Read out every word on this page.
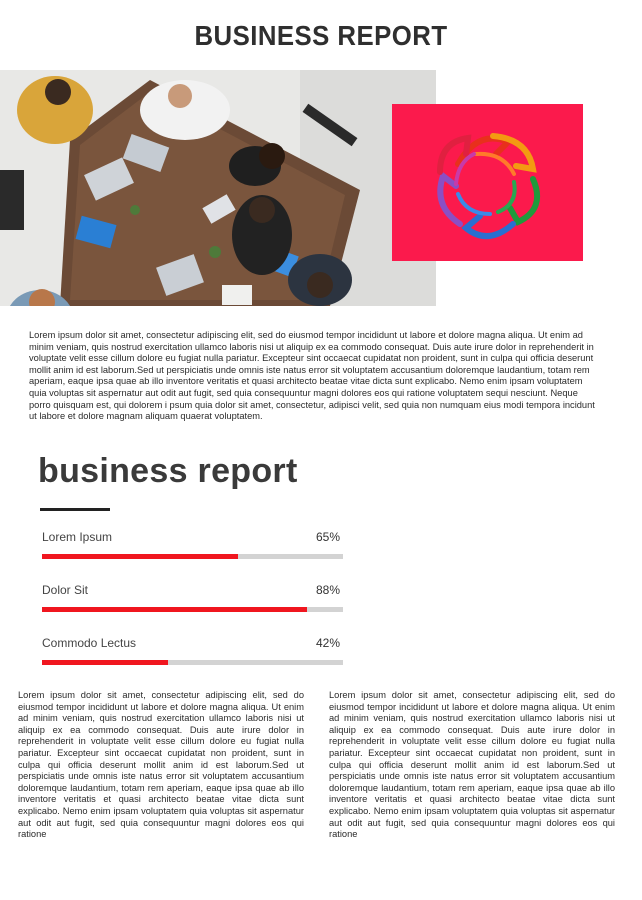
BUSINESS REPORT
Lorem ipsum dolor sit amet, consectetur adipiscing elit, sed do eiusmod tempor incididunt ut labore et dolore magna aliqua. Ut enim ad minim veniam, quis nostrud exercitation ullamco laboris nisi ut aliquip ex ea commodo consequat. Duis aute irure dolor in reprehenderit in voluptate velit esse cillum dolore eu fugiat nulla pariatur. Excepteur sint occaecat cupidatat non proident, sunt in culpa qui officia deserunt mollit anim id est laborum.Sed ut perspiciatis unde omnis iste natus error sit voluptatem accusantium doloremque laudantium, totam rem aperiam, eaque ipsa quae ab illo inventore veritatis et quasi architecto beatae vitae dicta sunt explicabo. Nemo enim ipsam voluptatem quia voluptas sit aspernatur aut odit aut fugit, sed quia consequuntur magni dolores eos qui ratione voluptatem sequi nesciunt. Neque porro quisquam est, qui dolorem i psum quia dolor sit amet, consectetur, adipisci velit, sed quia non numquam eius modi tempora incidunt ut labore et dolore magnam aliquam quaerat voluptatem.
business report
Lorem Ipsum	65%
Dolor Sit	88%
Commodo Lectus	42%
Lorem ipsum dolor sit amet, consectetur adipiscing elit, sed do eiusmod tempor incididunt ut labore et dolore magna aliqua. Ut enim ad minim veniam, quis nostrud exercitation ullamco laboris nisi ut aliquip ex ea commodo consequat. Duis aute irure dolor in reprehenderit in voluptate velit esse cillum dolore eu fugiat nulla pariatur. Excepteur sint occaecat cupidatat non proident, sunt in culpa qui officia deserunt mollit anim id est laborum.Sed ut perspiciatis unde omnis iste natus error sit voluptatem accusantium doloremque laudantium, totam rem aperiam, eaque ipsa quae ab illo inventore veritatis et quasi architecto beatae vitae dicta sunt explicabo. Nemo enim ipsam voluptatem quia voluptas sit aspernatur aut odit aut fugit, sed quia consequuntur magni dolores eos qui ratione
Lorem ipsum dolor sit amet, consectetur adipiscing elit, sed do eiusmod tempor incididunt ut labore et dolore magna aliqua. Ut enim ad minim veniam, quis nostrud exercitation ullamco laboris nisi ut aliquip ex ea commodo consequat. Duis aute irure dolor in reprehenderit in voluptate velit esse cillum dolore eu fugiat nulla pariatur. Excepteur sint occaecat cupidatat non proident, sunt in culpa qui officia deserunt mollit anim id est laborum.Sed ut perspiciatis unde omnis iste natus error sit voluptatem accusantium doloremque laudantium, totam rem aperiam, eaque ipsa quae ab illo inventore veritatis et quasi architecto beatae vitae dicta sunt explicabo. Nemo enim ipsam voluptatem quia voluptas sit aspernatur aut odit aut fugit, sed quia consequuntur magni dolores eos qui ratione
